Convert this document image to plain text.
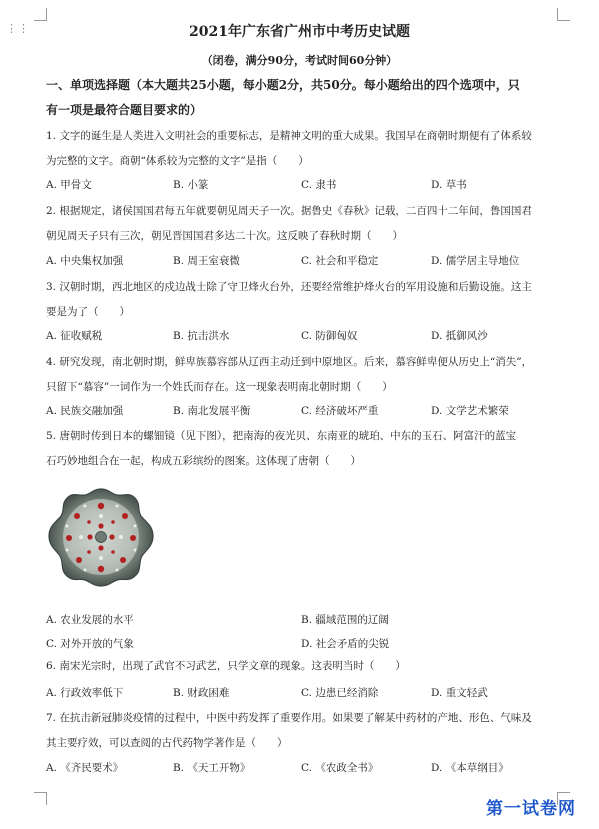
⋮⋮	2021年广东省广州市中考历史试题
（闭卷，满分90分，考试时间60分钟）
一、单项选择题（本大题共25小题，每小题2分，共50分。每小题给出的四个选项中，只
有一项是最符合题目要求的）
1. 文字的诞生是人类进入文明社会的重要标志，是精神文明的重大成果。我国早在商朝时期便有了体系较
为完整的文字。商朝“体系较为完整的文字”是指（　　）
A. 甲骨文	B. 小篆	C. 隶书	D. 草书
2. 根据规定，诸侯国国君每五年就要朝见周天子一次。据鲁史《春秋》记载，二百四十二年间，鲁国国君
朝见周天子只有三次，朝见晋国国君多达二十次。这反映了春秋时期（　　）
A. 中央集权加强	B. 周王室衰微	C. 社会和平稳定	D. 儒学居主导地位
3. 汉朝时期，西北地区的戍边战士除了守卫烽火台外，还要经常维护烽火台的军用设施和后勤设施。这主
要是为了（　　）
A. 征收赋税	B. 抗击洪水	C. 防御匈奴	D. 抵御风沙
4. 研究发现，南北朝时期，鲜卑族慕容部从辽西主动迁到中原地区。后来，慕容鲜卑便从历史上“消失”，
只留下“慕容”一词作为一个姓氏而存在。这一现象表明南北朝时期（　　）
A. 民族交融加强	B. 南北发展平衡	C. 经济破坏严重	D. 文学艺术繁荣
5. 唐朝时传到日本的螺钿镜（见下图），把南海的夜光贝、东南亚的琥珀、中东的玉石、阿富汗的蓝宝
石巧妙地组合在一起，构成五彩缤纷的图案。这体现了唐朝（　　）
A. 农业发展的水平	B. 疆域范围的辽阔
C. 对外开放的气象	D. 社会矛盾的尖锐
6. 南宋光宗时，出现了武官不习武艺，只学文章的现象。这表明当时（　　）
A. 行政效率低下	B. 财政困难	C. 边患已经消除	D. 重文轻武
7. 在抗击新冠肺炎疫情的过程中，中医中药发挥了重要作用。如果要了解某中药材的产地、形色、气味及
其主要疗效，可以查阅的古代药物学著作是（　　）
A. 《齐民要术》	B. 《天工开物》	C. 《农政全书》	D. 《本草纲目》
第一试卷网
